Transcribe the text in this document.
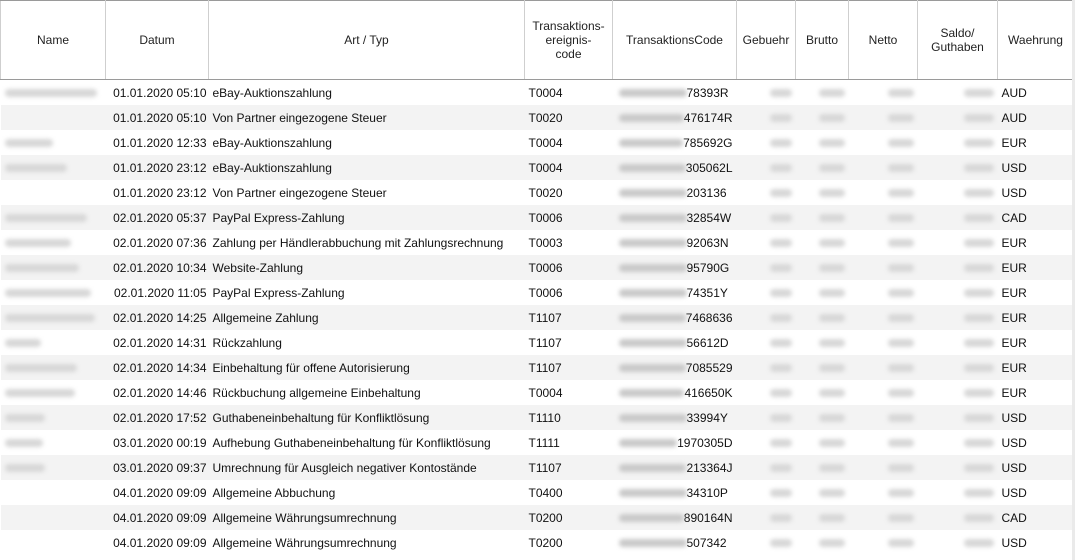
Name	Datum	Art / Typ	Transaktions-
ereignis-
code	TransaktionsCode	Gebuehr	Brutto	Netto	Saldo/
Guthaben	Waehrung
	01.01.2020 05:10	eBay-Auktionszahlung	T0004	78393R					AUD
	01.01.2020 05:10	Von Partner eingezogene Steuer	T0020	476174R					AUD
	01.01.2020 12:33	eBay-Auktionszahlung	T0004	785692G					EUR
	01.01.2020 23:12	eBay-Auktionszahlung	T0004	305062L					USD
	01.01.2020 23:12	Von Partner eingezogene Steuer	T0020	203136					USD
	02.01.2020 05:37	PayPal Express-Zahlung	T0006	32854W					CAD
	02.01.2020 07:36	Zahlung per Händlerabbuchung mit Zahlungsrechnung	T0003	92063N					EUR
	02.01.2020 10:34	Website-Zahlung	T0006	95790G					EUR
	02.01.2020 11:05	PayPal Express-Zahlung	T0006	74351Y					EUR
	02.01.2020 14:25	Allgemeine Zahlung	T1107	7468636					EUR
	02.01.2020 14:31	Rückzahlung	T1107	56612D					EUR
	02.01.2020 14:34	Einbehaltung für offene Autorisierung	T1107	7085529					EUR
	02.01.2020 14:46	Rückbuchung allgemeine Einbehaltung	T0004	416650K					EUR
	02.01.2020 17:52	Guthabeneinbehaltung für Konfliktlösung	T1110	33994Y					USD
	03.01.2020 00:19	Aufhebung Guthabeneinbehaltung für Konfliktlösung	T1111	1970305D					USD
	03.01.2020 09:37	Umrechnung für Ausgleich negativer Kontostände	T1107	213364J					USD
	04.01.2020 09:09	Allgemeine Abbuchung	T0400	34310P					USD
	04.01.2020 09:09	Allgemeine Währungsumrechnung	T0200	890164N					CAD
	04.01.2020 09:09	Allgemeine Währungsumrechnung	T0200	507342					USD
